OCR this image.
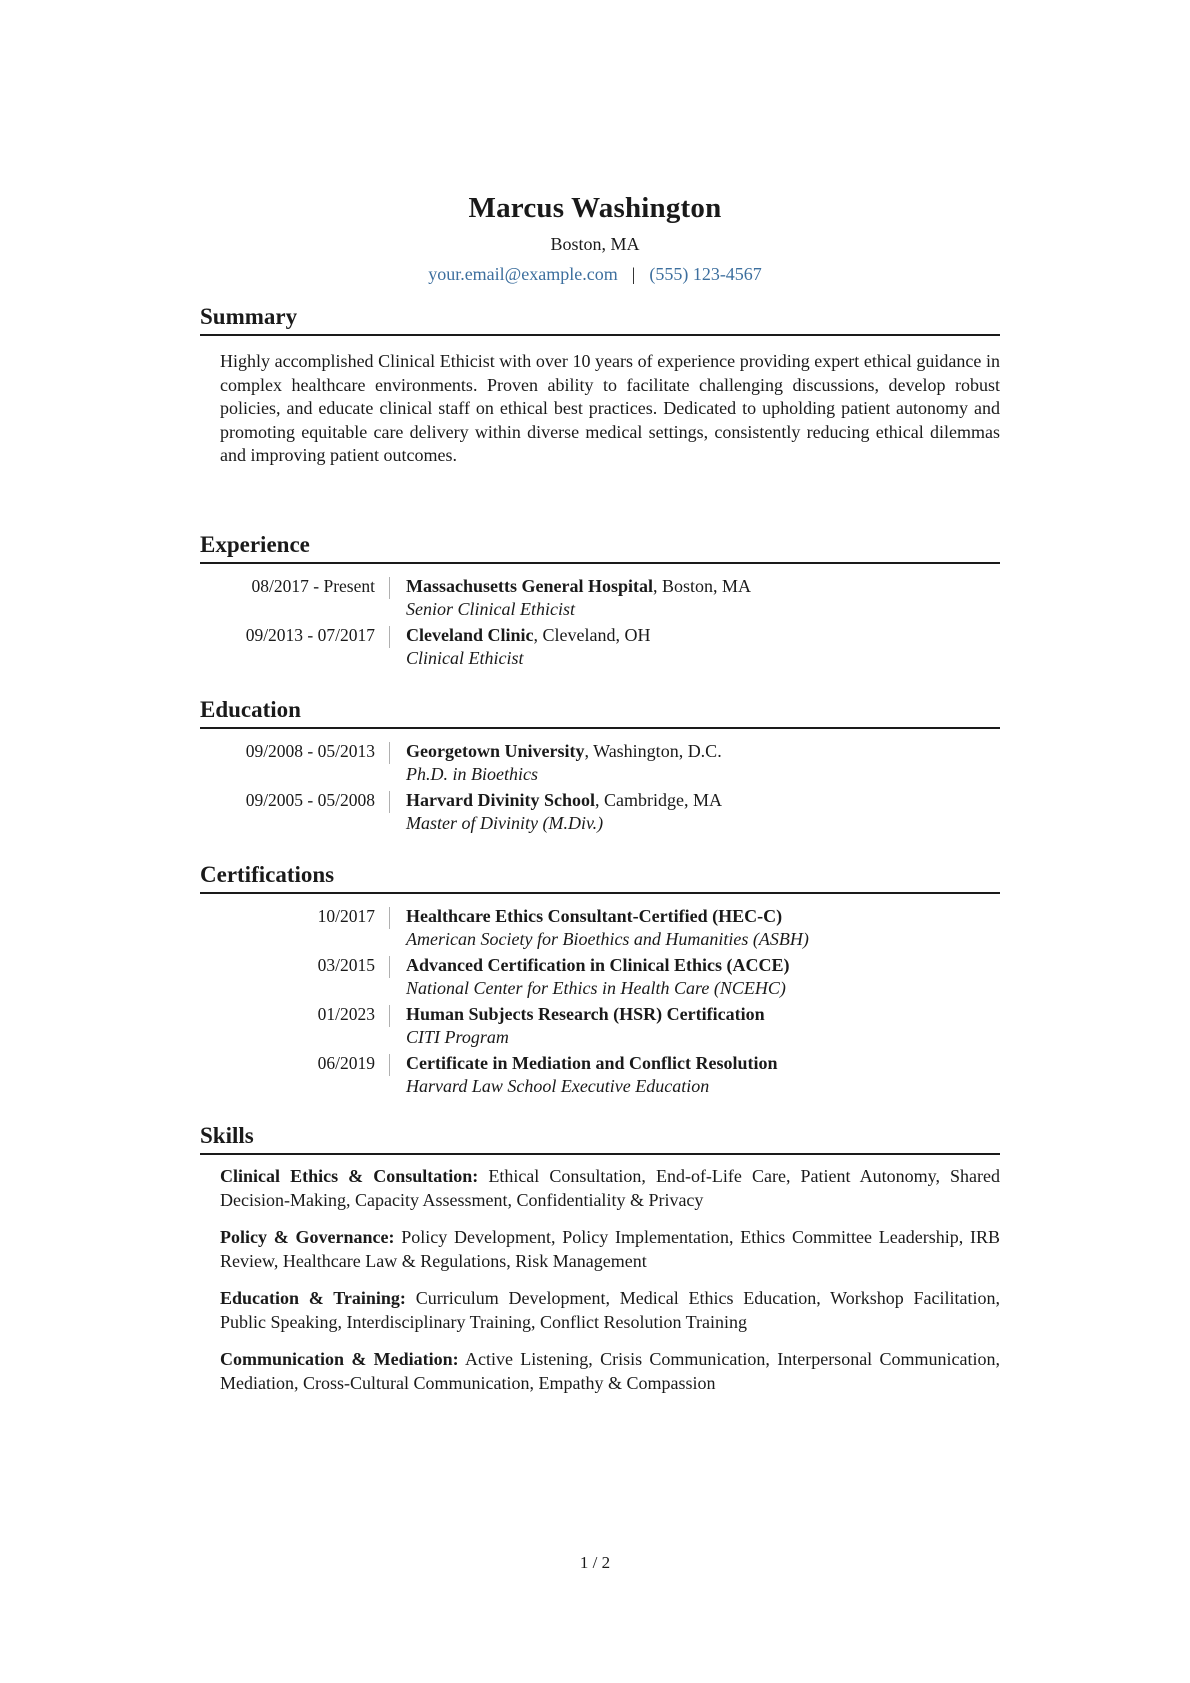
Marcus Washington
Boston, MA
your.email@example.com | (555) 123-4567
Summary
Highly accomplished Clinical Ethicist with over 10 years of experience providing expert ethical guidance in complex healthcare environments. Proven ability to facilitate challenging discussions, develop robust policies, and educate clinical staff on ethical best practices. Dedicated to upholding patient autonomy and promoting equitable care delivery within diverse medical settings, consistently reducing ethical dilemmas and improving patient outcomes.
Experience
08/2017 - Present	Massachusetts General Hospital, Boston, MA
Senior Clinical Ethicist
09/2013 - 07/2017	Cleveland Clinic, Cleveland, OH
Clinical Ethicist
Education
09/2008 - 05/2013	Georgetown University, Washington, D.C.
Ph.D. in Bioethics
09/2005 - 05/2008	Harvard Divinity School, Cambridge, MA
Master of Divinity (M.Div.)
Certifications
10/2017	Healthcare Ethics Consultant-Certified (HEC-C)
American Society for Bioethics and Humanities (ASBH)
03/2015	Advanced Certification in Clinical Ethics (ACCE)
National Center for Ethics in Health Care (NCEHC)
01/2023	Human Subjects Research (HSR) Certification
CITI Program
06/2019	Certificate in Mediation and Conflict Resolution
Harvard Law School Executive Education
Skills
Clinical Ethics & Consultation: Ethical Consultation, End-of-Life Care, Patient Autonomy, Shared Decision-Making, Capacity Assessment, Confidentiality & Privacy
Policy & Governance: Policy Development, Policy Implementation, Ethics Committee Leadership, IRB Review, Healthcare Law & Regulations, Risk Management
Education & Training: Curriculum Development, Medical Ethics Education, Workshop Facilitation, Public Speaking, Interdisciplinary Training, Conflict Resolution Training
Communication & Mediation: Active Listening, Crisis Communication, Interpersonal Communication, Mediation, Cross-Cultural Communication, Empathy & Compassion
1 / 2
